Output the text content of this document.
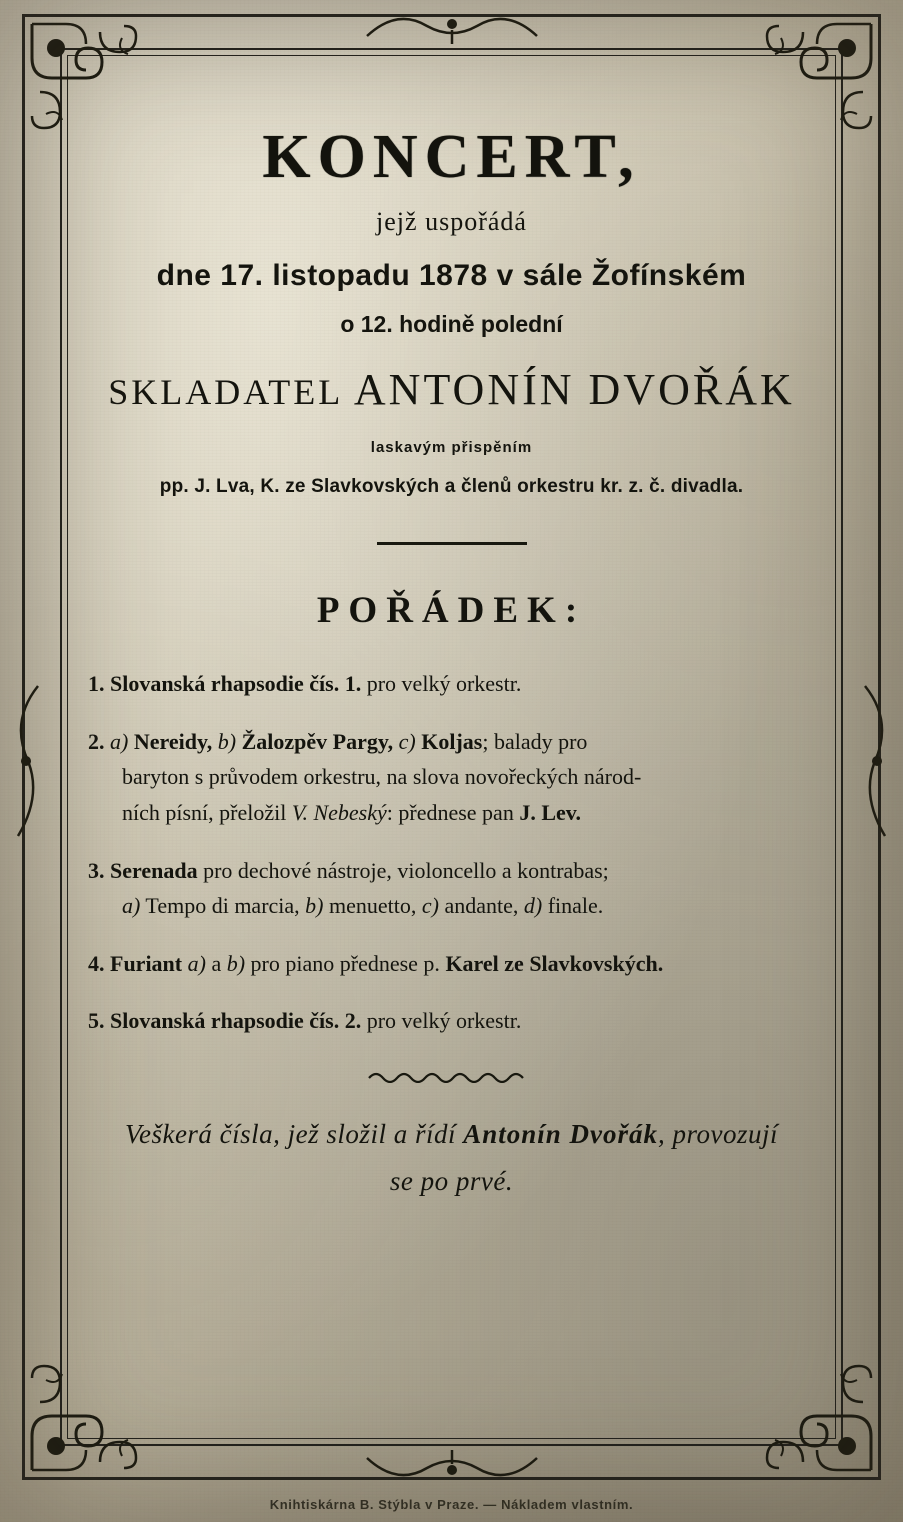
KONCERT,
jejž uspořádá
dne 17. listopadu 1878 v sále Žofínském
o 12. hodině polední
SKLADATEL ANTONÍN DVOŘÁK
laskavým přispěním
pp. J. Lva, K. ze Slavkovských a členů orkestru kr. z. č. divadla.
POŘÁDEK:
1. Slovanská rhapsodie čís. 1. pro velký orkestr.
2. a) Nereidy, b) Žalozpěv Pargy, c) Koljas; balady pro
baryton s průvodem orkestru, na slova novořeckých národ-
ních písní, přeložil V. Nebeský: přednese pan J. Lev.
3. Serenada pro dechové nástroje, violoncello a kontrabas;
a) Tempo di marcia, b) menuetto, c) andante, d) finale.
4. Furiant a) a b) pro piano přednese p. Karel ze Slavkovských.
5. Slovanská rhapsodie čís. 2. pro velký orkestr.
Veškerá čísla, jež složil a řídí Antonín Dvořák, provozují
se po prvé.
Knihtiskárna B. Stýbla v Praze. — Nákladem vlastním.
